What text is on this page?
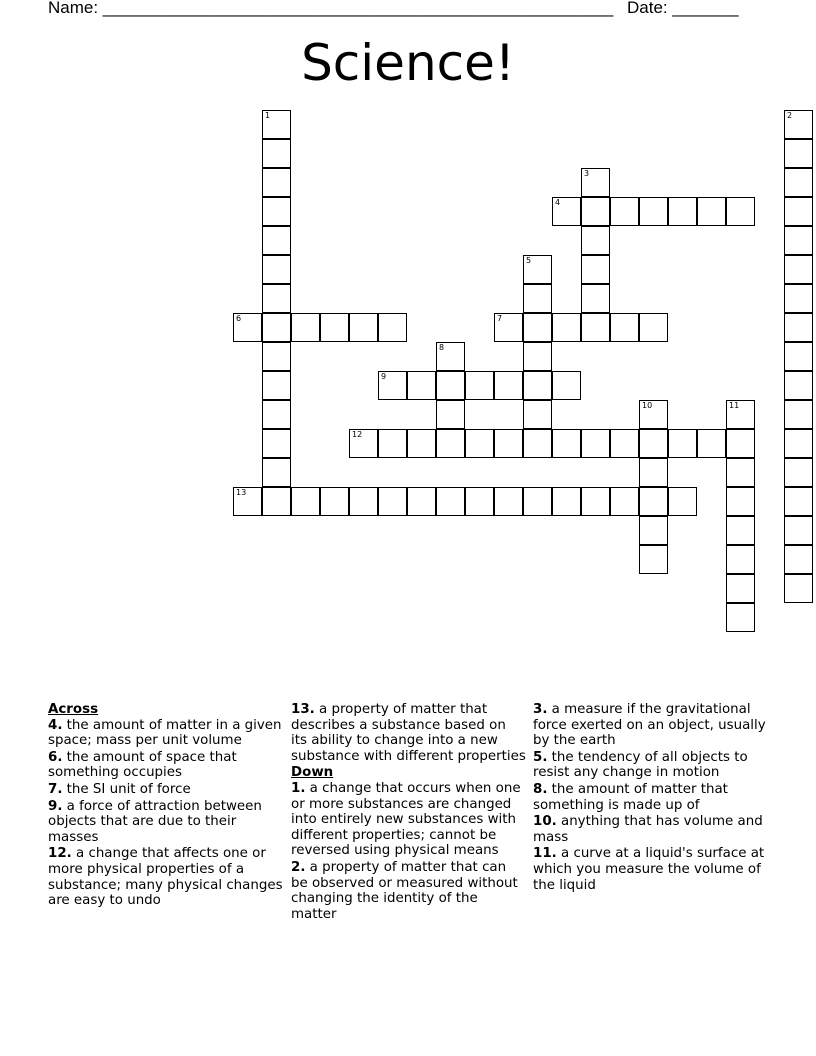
Name: ______________________________________________________ Date: _______
Science!
1	2
3
4
5
6	7
8
9
10	11
12
13

Across

4. the amount of matter in a given space; mass per unit volume

6. the amount of space that something occupies

7. the SI unit of force

9. a force of attraction between objects that are due to their masses

12. a change that affects one or more physical properties of a substance; many physical changes are easy to undo

13. a property of matter that describes a substance based on its ability to change into a new substance with different properties

Down

1. a change that occurs when one or more substances are changed into entirely new substances with different properties; cannot be reversed using physical means

2. a property of matter that can be observed or measured without changing the identity of the matter

3. a measure if the gravitational force exerted on an object, usually by the earth

5. the tendency of all objects to resist any change in motion

8. the amount of matter that something is made up of

10. anything that has volume and mass

11. a curve at a liquid's surface at which you measure the volume of the liquid
